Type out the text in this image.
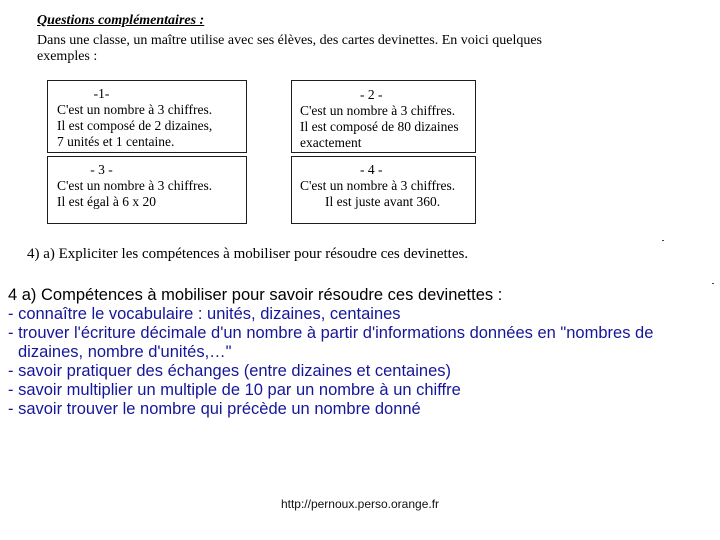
Questions complémentaires :
Dans une classe, un maître utilise avec ses élèves, des cartes devinettes. En voici quelques
exemples :
-1-
C'est un nombre à 3 chiffres.
Il est composé de 2 dizaines,
7 unités et 1 centaine.
- 2 -
C'est un nombre à 3 chiffres.
Il est composé de 80 dizaines
exactement
- 3 -
C'est un nombre à 3 chiffres.
Il est égal à 6 x 20
- 4 -
C'est un nombre à 3 chiffres.
Il est juste avant 360.
4) a) Expliciter les compétences à mobiliser pour résoudre ces devinettes.
4 a) Compétences à mobiliser pour savoir résoudre ces devinettes :
- connaître le vocabulaire : unités, dizaines, centaines
- trouver l'écriture décimale d'un nombre à partir d'informations données en "nombres de
dizaines, nombre d'unités,…"
- savoir pratiquer des échanges (entre dizaines et centaines)
- savoir multiplier un multiple de 10 par un nombre à un chiffre
- savoir trouver le nombre qui précède un nombre donné
http://pernoux.perso.orange.fr
